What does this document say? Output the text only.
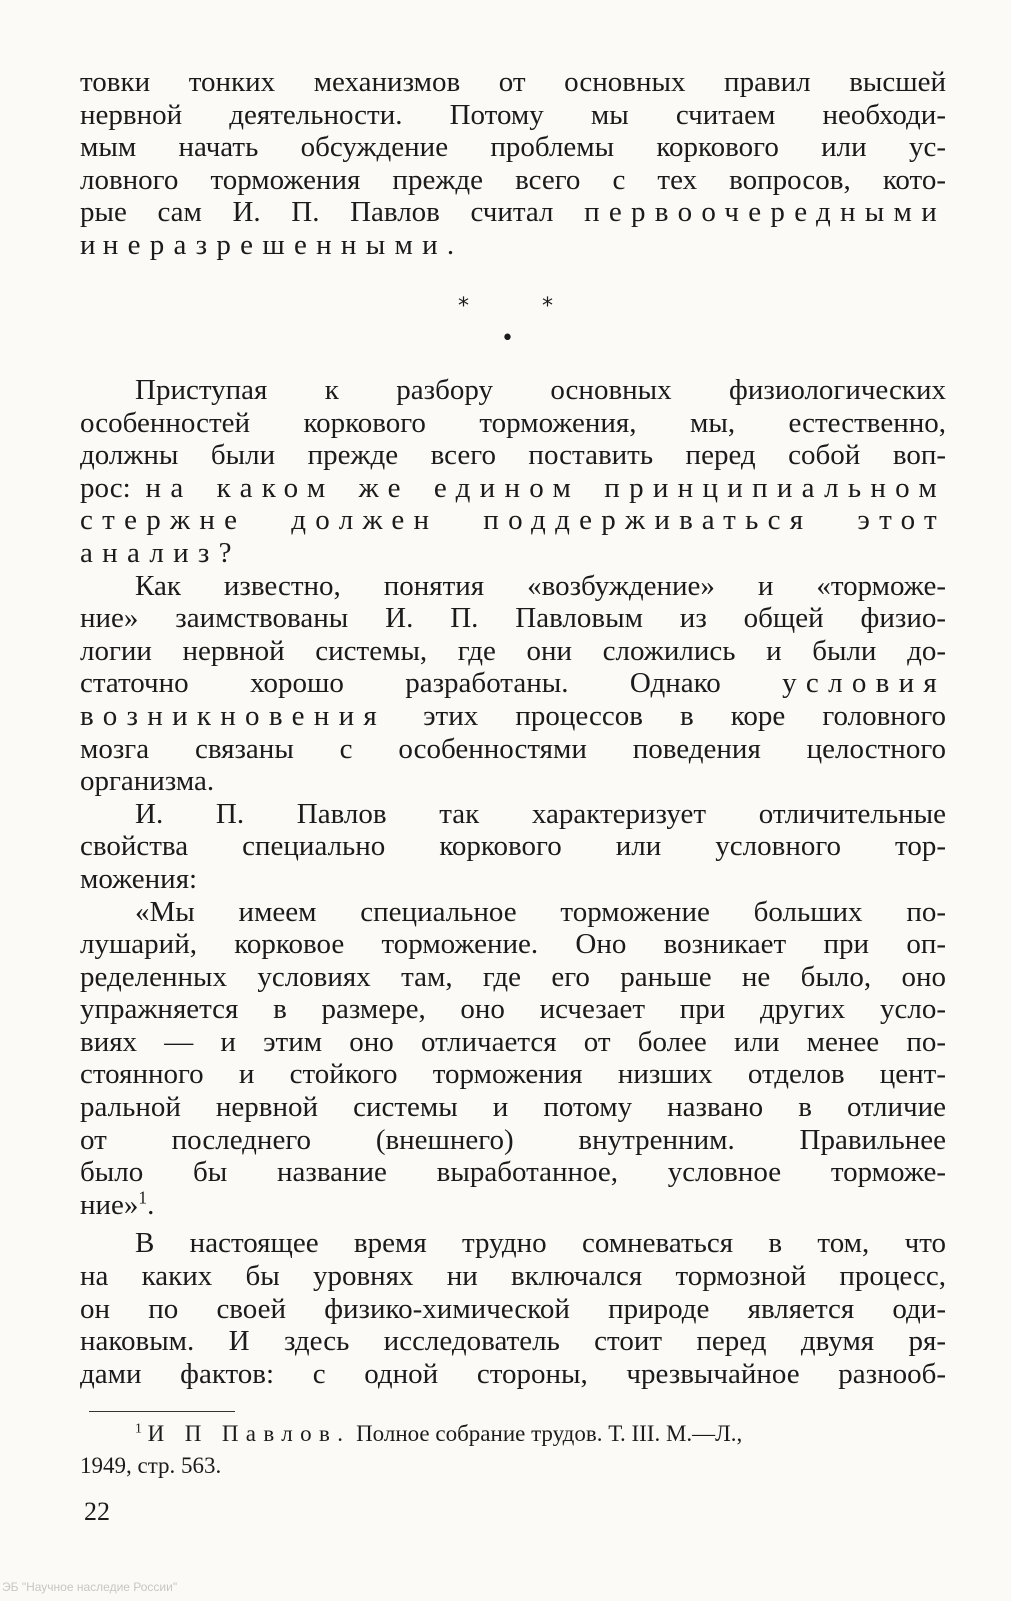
товки тонких механизмов от основных правил высшей
нервной деятельности. Потому мы считаем необходи-
мым начать обсуждение проблемы коркового или ус-
ловного торможения прежде всего с тех вопросов, кото-
рые сам И. П. Павлов считал первоочередными
и неразрешенными.
*	*
•
Приступая к разбору основных физиологических
особенностей коркового торможения, мы, естественно,
должны были прежде всего поставить перед собой воп-
рос: на каком же едином принципиальном
стержне должен поддерживаться этот
анализ?
Как известно, понятия «возбуждение» и «торможе-
ние» заимствованы И. П. Павловым из общей физио-
логии нервной системы, где они сложились и были до-
статочно хорошо разработаны. Однако условия
возникновения этих процессов в коре головного
мозга связаны с особенностями поведения целостного
организма.
И. П. Павлов так характеризует отличительные
свойства специально коркового или условного тор-
можения:
«Мы имеем специальное торможение больших по-
лушарий, корковое торможение. Оно возникает при оп-
ределенных условиях там, где его раньше не было, оно
упражняется в размере, оно исчезает при других усло-
виях — и этим оно отличается от более или менее по-
стоянного и стойкого торможения низших отделов цент-
ральной нервной системы и потому названо в отличие
от последнего (внешнего) внутренним. Правильнее
было бы название выработанное, условное торможе-
ние»$^1$.
В настоящее время трудно сомневаться в том, что
на каких бы уровнях ни включался тормозной процесс,
он по своей физико-химической природе является оди-
наковым. И здесь исследователь стоит перед двумя ря-
дами фактов: с одной стороны, чрезвычайное разнооб-
$^1$ И П Павлов. Полное собрание трудов. Т. III. М.—Л.,
1949, стр. 563.
22
ЭБ "Научное наследие России"
